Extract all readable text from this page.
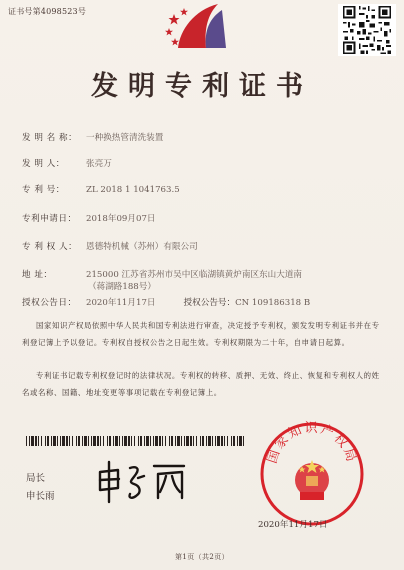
证书号第4098523号
发明专利证书
发 明 名 称： 一种换热管清洗装置
发 明 人： 张亮万
专 利 号： ZL 2018 1 1041763.5
专利申请日： 2018年09月07日
专 利 权 人： 恩德特机械（苏州）有限公司
地 址：	215000 江苏省苏州市吴中区临湖镇黄炉南区东山大道南
（蒋湖路188号）
授权公告日： 2020年11月17日	授权公告号：CN 109186318 B
国家知识产权局依照中华人民共和国专利法进行审查，决定授予专利权，颁发发明专利证书并在专利登记簿上予以登记。专利权自授权公告之日起生效。专利权期限为二十年，自申请日起算。
专利证书记载专利权登记时的法律状况。专利权的转移、质押、无效、终止、恢复和专利权人的姓名或名称、国籍、地址变更等事项记载在专利登记簿上。
局长
申长雨
国家知识产权局
2020年11月17日
第1页（共2页）
